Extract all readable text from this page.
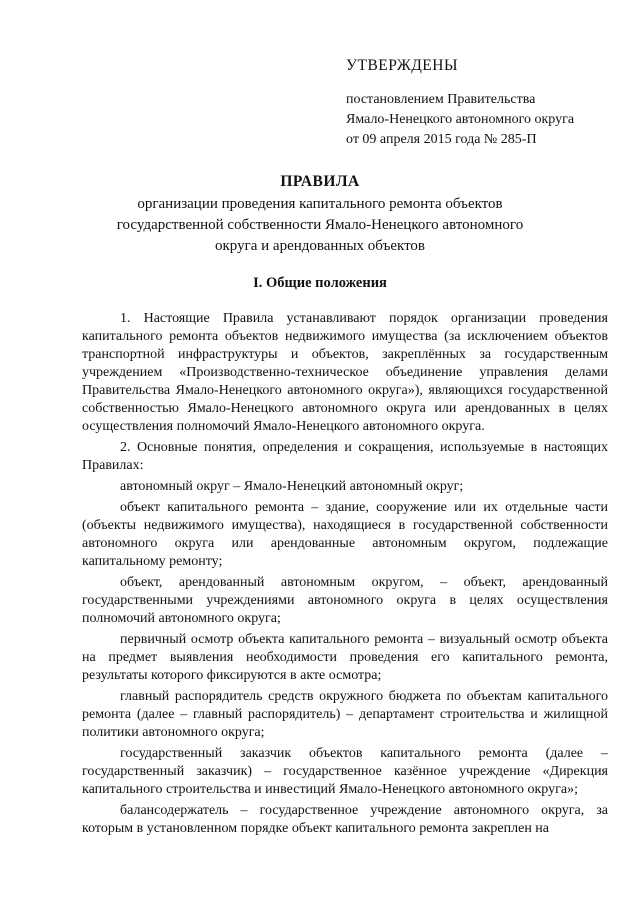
УТВЕРЖДЕНЫ
постановлением Правительства
Ямало-Ненецкого автономного округа
от 09 апреля 2015 года № 285-П
ПРАВИЛА
организации проведения капитального ремонта объектов
государственной собственности Ямало-Ненецкого автономного
округа и арендованных объектов
I. Общие положения

1. Настоящие Правила устанавливают порядок организации проведения капитального ремонта объектов недвижимого имущества (за исключением объектов транспортной инфраструктуры и объектов, закреплённых за государственным учреждением «Производственно-техническое объединение управления делами Правительства Ямало-Ненецкого автономного округа»), являющихся государственной собственностью Ямало-Ненецкого автономного округа или арендованных в целях осуществления полномочий Ямало-Ненецкого автономного округа.

2. Основные понятия, определения и сокращения, используемые в настоящих Правилах:

автономный округ – Ямало-Ненецкий автономный округ;

объект капитального ремонта – здание, сооружение или их отдельные части (объекты недвижимого имущества), находящиеся в государственной собственности автономного округа или арендованные автономным округом, подлежащие капитальному ремонту;

объект, арендованный автономным округом, – объект, арендованный государственными учреждениями автономного округа в целях осуществления полномочий автономного округа;

первичный осмотр объекта капитального ремонта – визуальный осмотр объекта на предмет выявления необходимости проведения его капитального ремонта, результаты которого фиксируются в акте осмотра;

главный распорядитель средств окружного бюджета по объектам капитального ремонта (далее – главный распорядитель) – департамент строительства и жилищной политики автономного округа;

государственный заказчик объектов капитального ремонта (далее – государственный заказчик) – государственное казённое учреждение «Дирекция капитального строительства и инвестиций Ямало-Ненецкого автономного округа»;

балансодержатель – государственное учреждение автономного округа, за которым в установленном порядке объект капитального ремонта закреплен на
